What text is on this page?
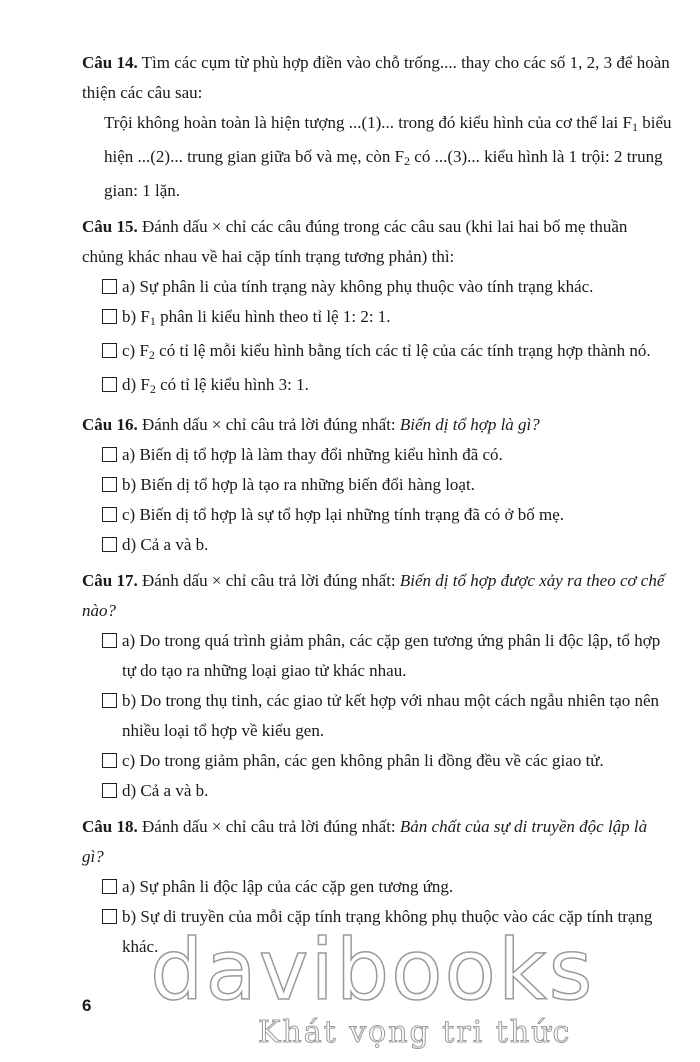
Câu 14. Tìm các cụm từ phù hợp điền vào chỗ trống.... thay cho các số 1, 2, 3 để hoàn thiện các câu sau:

Trội không hoàn toàn là hiện tượng ...(1)... trong đó kiểu hình của cơ thể lai $F_1$ biểu hiện ...(2)... trung gian giữa bố và mẹ, còn $F_2$ có ...(3)... kiểu hình là 1 trội: 2 trung gian: 1 lặn.

Câu 15. Đánh dấu × chỉ các câu đúng trong các câu sau (khi lai hai bố mẹ thuần chủng khác nhau về hai cặp tính trạng tương phản) thì:

a) Sự phân li của tính trạng này không phụ thuộc vào tính trạng khác.
b) $F_1$ phân li kiểu hình theo tỉ lệ 1: 2: 1.
c) $F_2$ có tỉ lệ mỗi kiểu hình bằng tích các tỉ lệ của các tính trạng hợp thành nó.
d) $F_2$ có tỉ lệ kiểu hình 3: 1.

Câu 16. Đánh dấu × chỉ câu trả lời đúng nhất: Biến dị tổ hợp là gì?

a) Biến dị tổ hợp là làm thay đổi những kiểu hình đã có.
b) Biến dị tổ hợp là tạo ra những biến đổi hàng loạt.
c) Biến dị tổ hợp là sự tổ hợp lại những tính trạng đã có ở bố mẹ.
d) Cả a và b.

Câu 17. Đánh dấu × chỉ câu trả lời đúng nhất: Biến dị tổ hợp được xảy ra theo cơ chế nào?

a) Do trong quá trình giảm phân, các cặp gen tương ứng phân li độc lập, tổ hợp tự do tạo ra những loại giao tử khác nhau.
b) Do trong thụ tinh, các giao tử kết hợp với nhau một cách ngẫu nhiên tạo nên nhiều loại tổ hợp về kiểu gen.
c) Do trong giảm phân, các gen không phân li đồng đều về các giao tử.
d) Cả a và b.

Câu 18. Đánh dấu × chỉ câu trả lời đúng nhất: Bản chất của sự di truyền độc lập là gì?

a) Sự phân li độc lập của các cặp gen tương ứng.
b) Sự di truyền của mỗi cặp tính trạng không phụ thuộc vào các cặp tính trạng khác.
6 davibooks
Khát vọng tri thức
